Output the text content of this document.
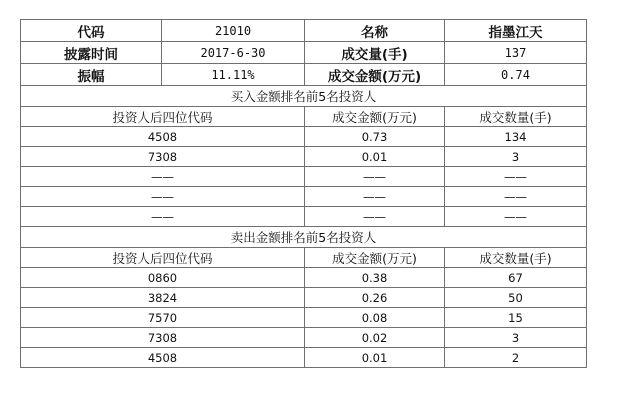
代码	21010	名称	指墨江天
披露时间	2017-6-30	成交量(手)	137
振幅	11.11%	成交金额(万元)	0.74
买入金额排名前5名投资人			
投资人后四位代码		成交金额(万元)	成交数量(手)
4508		0.73	134
7308		0.01	3
——		——	——
——		——	——
——		——	——
卖出金额排名前5名投资人			
投资人后四位代码		成交金额(万元)	成交数量(手)
0860		0.38	67
3824		0.26	50
7570		0.08	15
7308		0.02	3
4508		0.01	2
